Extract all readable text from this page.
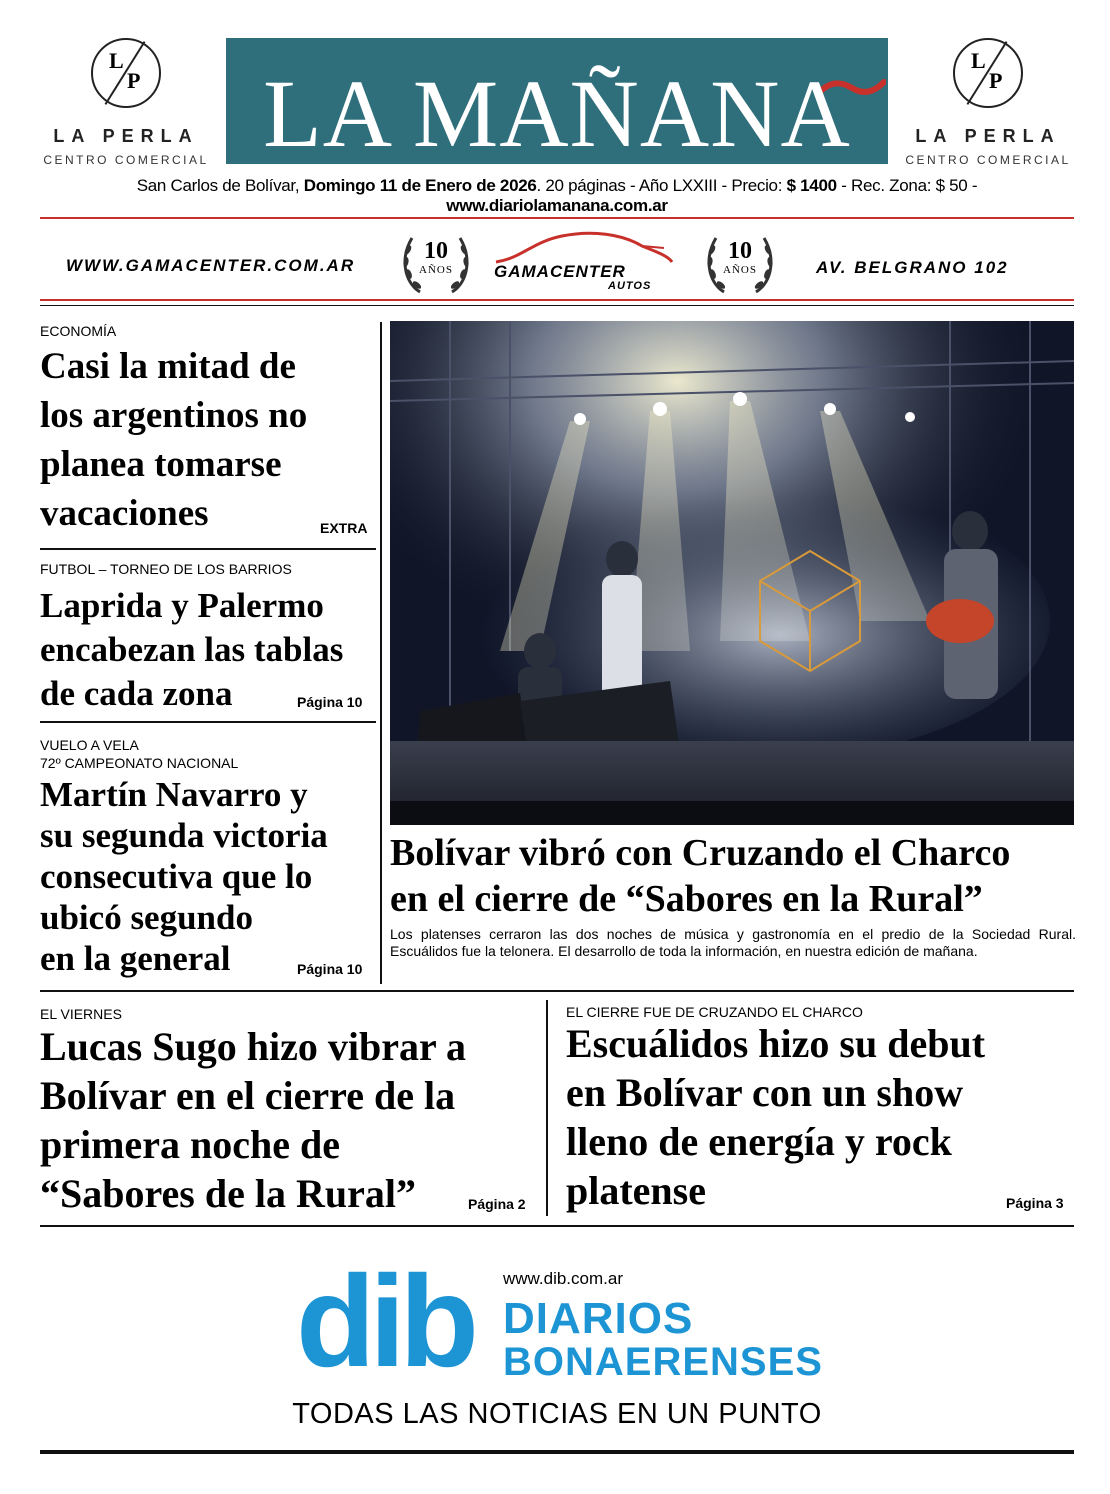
L
P
LA PERLA
CENTRO COMERCIAL LA MAÑANA	L
P
LA PERLA
CENTRO COMERCIAL
San Carlos de Bolívar, Domingo 11 de Enero de 2026. 20 páginas - Año LXXIII - Precio: $ 1400 - Rec. Zona: $ 50 - www.diariolamanana.com.ar
WWW.GAMACENTER.COM.AR
10
AÑOS	GAMACENTER
AUTOS
10
AÑOS	AV. BELGRANO 102
ECONOMÍA
Casi la mitad de
los argentinos no
planea tomarse
vacaciones	EXTRA
FUTBOL – TORNEO DE LOS BARRIOS
Laprida y Palermo
encabezan las tablas
de cada zona	Página 10
VUELO A VELA
72º CAMPEONATO NACIONAL
Martín Navarro y
su segunda victoria
consecutiva que lo
ubicó segundo
en la general	Página 10
Bolívar vibró con Cruzando el Charco
en el cierre de “Sabores en la Rural”
Los platenses cerraron las dos noches de música y gastronomía en el predio de la Sociedad Rural. Escuálidos fue la telonera. El desarrollo de toda la información, en nuestra edición de mañana.
EL VIERNES
Lucas Sugo hizo vibrar a
Bolívar en el cierre de la
primera noche de
“Sabores de la Rural”	Página 2
EL CIERRE FUE DE CRUZANDO EL CHARCO
Escuálidos hizo su debut
en Bolívar con un show
lleno de energía y rock
platense	Página 3
dib www.dib.com.ar
DIARIOS
BONAERENSES
TODAS LAS NOTICIAS EN UN PUNTO
